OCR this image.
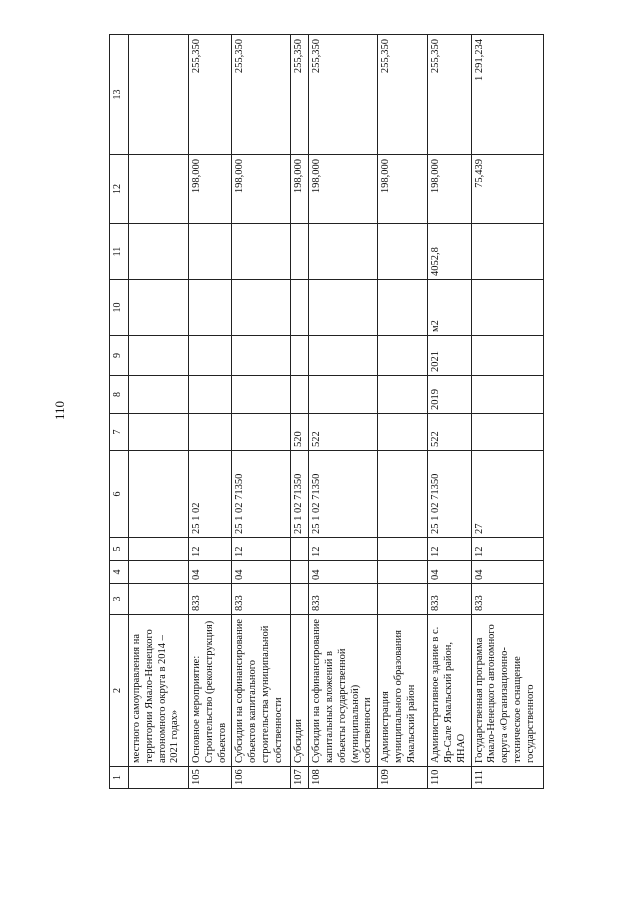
110
1	2	3	4	5	6	7	8	9	10	11	12	13
	местного самоуправления на территории Ямало-Ненецкого автономного округа в 2014 – 2021 годах»											
105	Основное мероприятие: Строительство (реконструкция) объектов	833	04	12	25 1 02						198,000	255,350
106	Субсидии на софинансирование объектов капитального строительства муниципальной собственности	833	04	12	25 1 02 71350						198,000	255,350
107	Субсидии				25 1 02 71350	520					198,000	255,350
108	Субсидии на софинансирование капитальных вложений в объекты государственной (муниципальной) собственности	833	04	12	25 1 02 71350	522					198,000	255,350
109	Администрация муниципального образования Ямальский район										198,000	255,350
110	Административное здание в с. Яр-Сале Ямальский район, ЯНАО	833	04	12	25 1 02 71350	522	2019	2021	м2	4052,8	198,000	255,350
111	Государственная программа Ямало-Ненецкого автономного округа «Организационно-техническое оснащение государственного	833	04	12	27						75,439	1 291,234
